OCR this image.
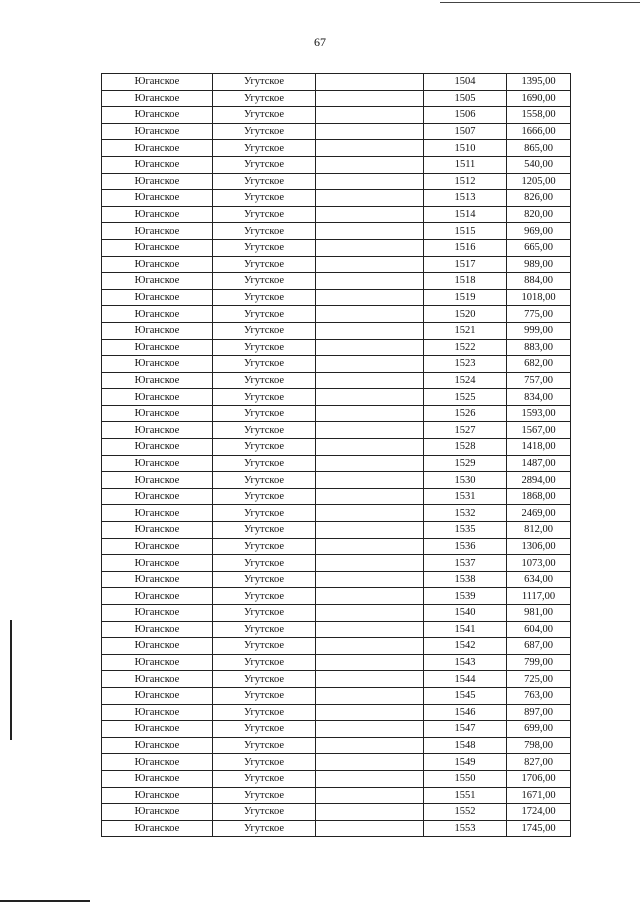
67
Юганское	Угутское		1504	1395,00
Юганское	Угутское		1505	1690,00
Юганское	Угутское		1506	1558,00
Юганское	Угутское		1507	1666,00
Юганское	Угутское		1510	865,00
Юганское	Угутское		1511	540,00
Юганское	Угутское		1512	1205,00
Юганское	Угутское		1513	826,00
Юганское	Угутское		1514	820,00
Юганское	Угутское		1515	969,00
Юганское	Угутское		1516	665,00
Юганское	Угутское		1517	989,00
Юганское	Угутское		1518	884,00
Юганское	Угутское		1519	1018,00
Юганское	Угутское		1520	775,00
Юганское	Угутское		1521	999,00
Юганское	Угутское		1522	883,00
Юганское	Угутское		1523	682,00
Юганское	Угутское		1524	757,00
Юганское	Угутское		1525	834,00
Юганское	Угутское		1526	1593,00
Юганское	Угутское		1527	1567,00
Юганское	Угутское		1528	1418,00
Юганское	Угутское		1529	1487,00
Юганское	Угутское		1530	2894,00
Юганское	Угутское		1531	1868,00
Юганское	Угутское		1532	2469,00
Юганское	Угутское		1535	812,00
Юганское	Угутское		1536	1306,00
Юганское	Угутское		1537	1073,00
Юганское	Угутское		1538	634,00
Юганское	Угутское		1539	1117,00
Юганское	Угутское		1540	981,00
Юганское	Угутское		1541	604,00
Юганское	Угутское		1542	687,00
Юганское	Угутское		1543	799,00
Юганское	Угутское		1544	725,00
Юганское	Угутское		1545	763,00
Юганское	Угутское		1546	897,00
Юганское	Угутское		1547	699,00
Юганское	Угутское		1548	798,00
Юганское	Угутское		1549	827,00
Юганское	Угутское		1550	1706,00
Юганское	Угутское		1551	1671,00
Юганское	Угутское		1552	1724,00
Юганское	Угутское		1553	1745,00
